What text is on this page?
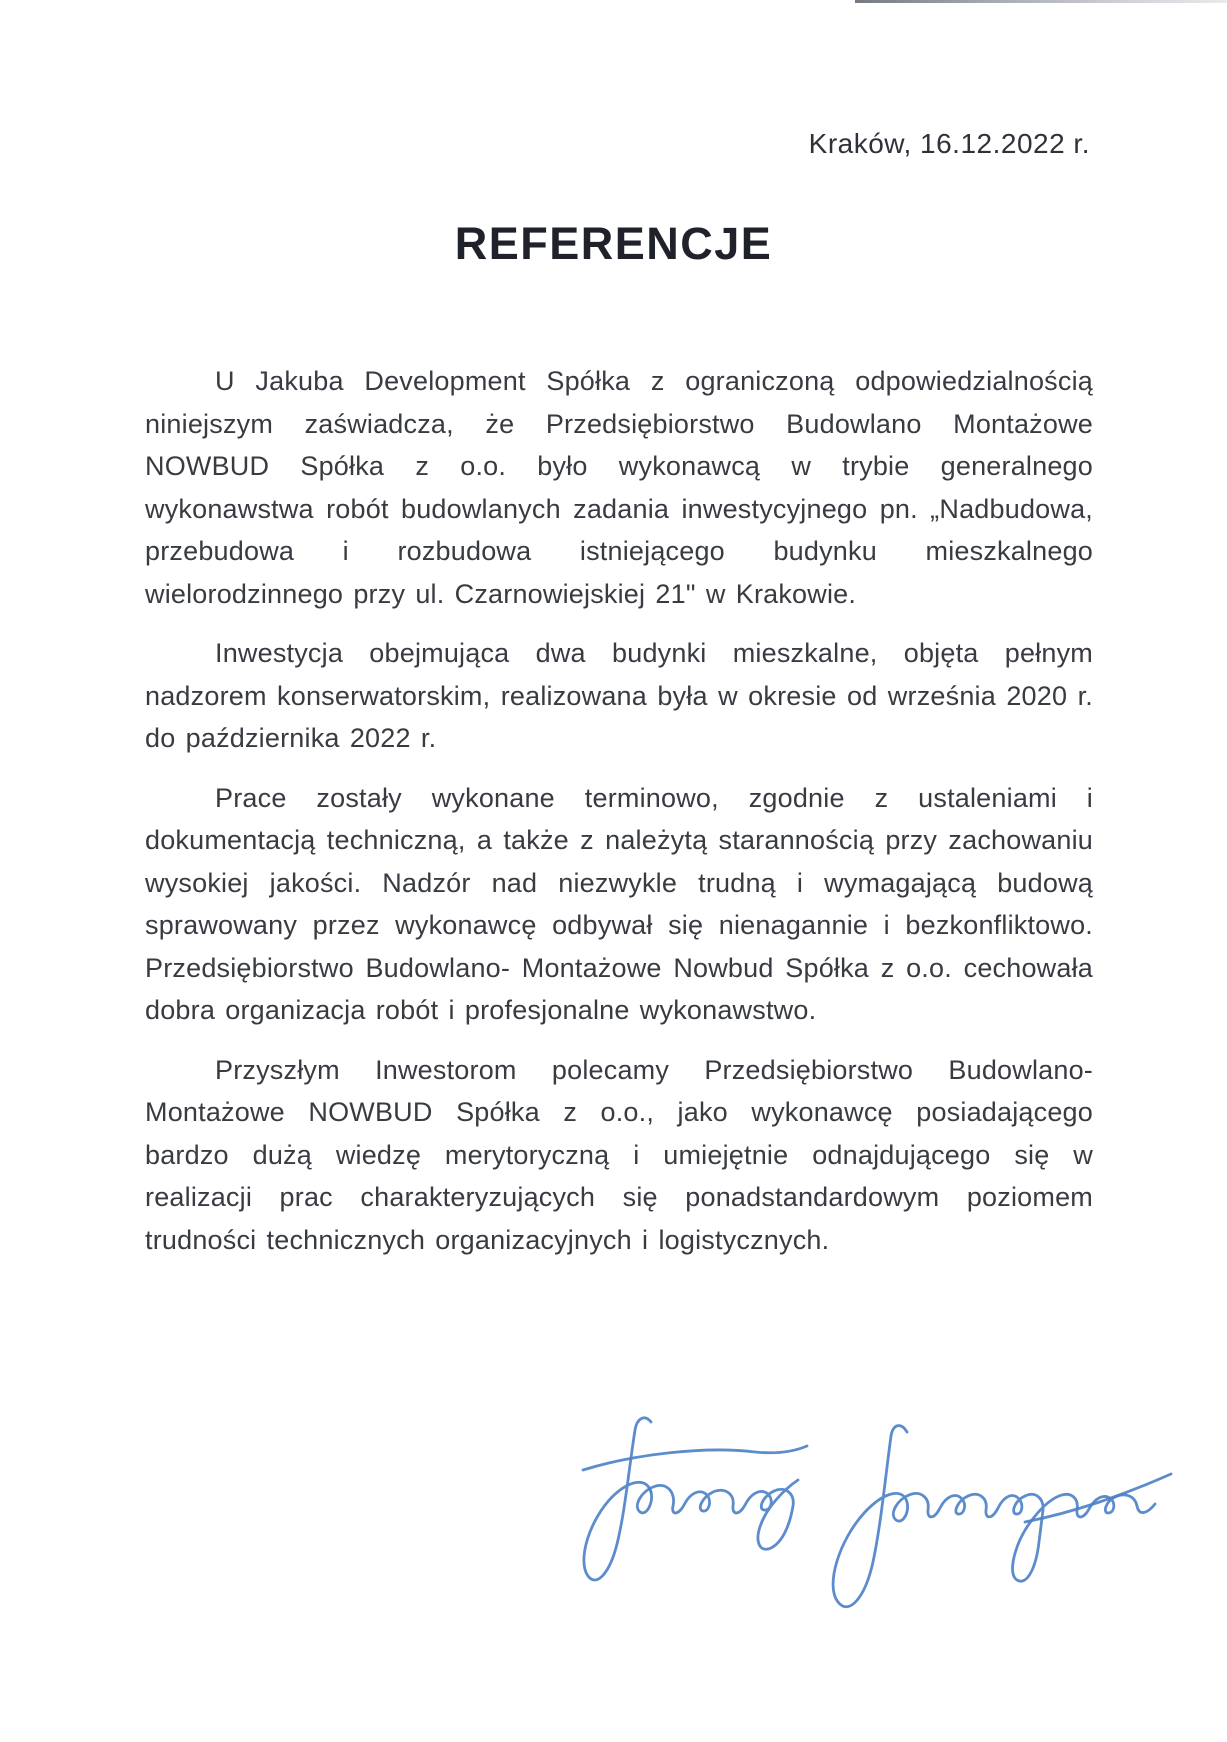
Kraków, 16.12.2022 r.
REFERENCJE

U Jakuba Development Spółka z ograniczoną odpowiedzialnością niniejszym zaświadcza, że Przedsiębiorstwo Budowlano Montażowe NOWBUD Spółka z o.o. było wykonawcą w trybie generalnego wykonawstwa robót budowlanych zadania inwestycyjnego pn. „Nadbudowa, przebudowa i rozbudowa istniejącego budynku mieszkalnego wielorodzinnego przy ul. Czarnowiejskiej 21" w Krakowie.

Inwestycja obejmująca dwa budynki mieszkalne, objęta pełnym nadzorem konserwatorskim, realizowana była w okresie od września 2020 r. do października 2022 r.

Prace zostały wykonane terminowo, zgodnie z ustaleniami i dokumentacją techniczną, a także z należytą starannością przy zachowaniu wysokiej jakości. Nadzór nad niezwykle trudną i wymagającą budową sprawowany przez wykonawcę odbywał się nienagannie i bezkonfliktowo. Przedsiębiorstwo Budowlano- Montażowe Nowbud Spółka z o.o. cechowała dobra organizacja robót i profesjonalne wykonawstwo.

Przyszłym Inwestorom polecamy Przedsiębiorstwo Budowlano- Montażowe NOWBUD Spółka z o.o., jako wykonawcę posiadającego bardzo dużą wiedzę merytoryczną i umiejętnie odnajdującego się w realizacji prac charakteryzujących się ponadstandardowym poziomem trudności technicznych organizacyjnych i logistycznych.
